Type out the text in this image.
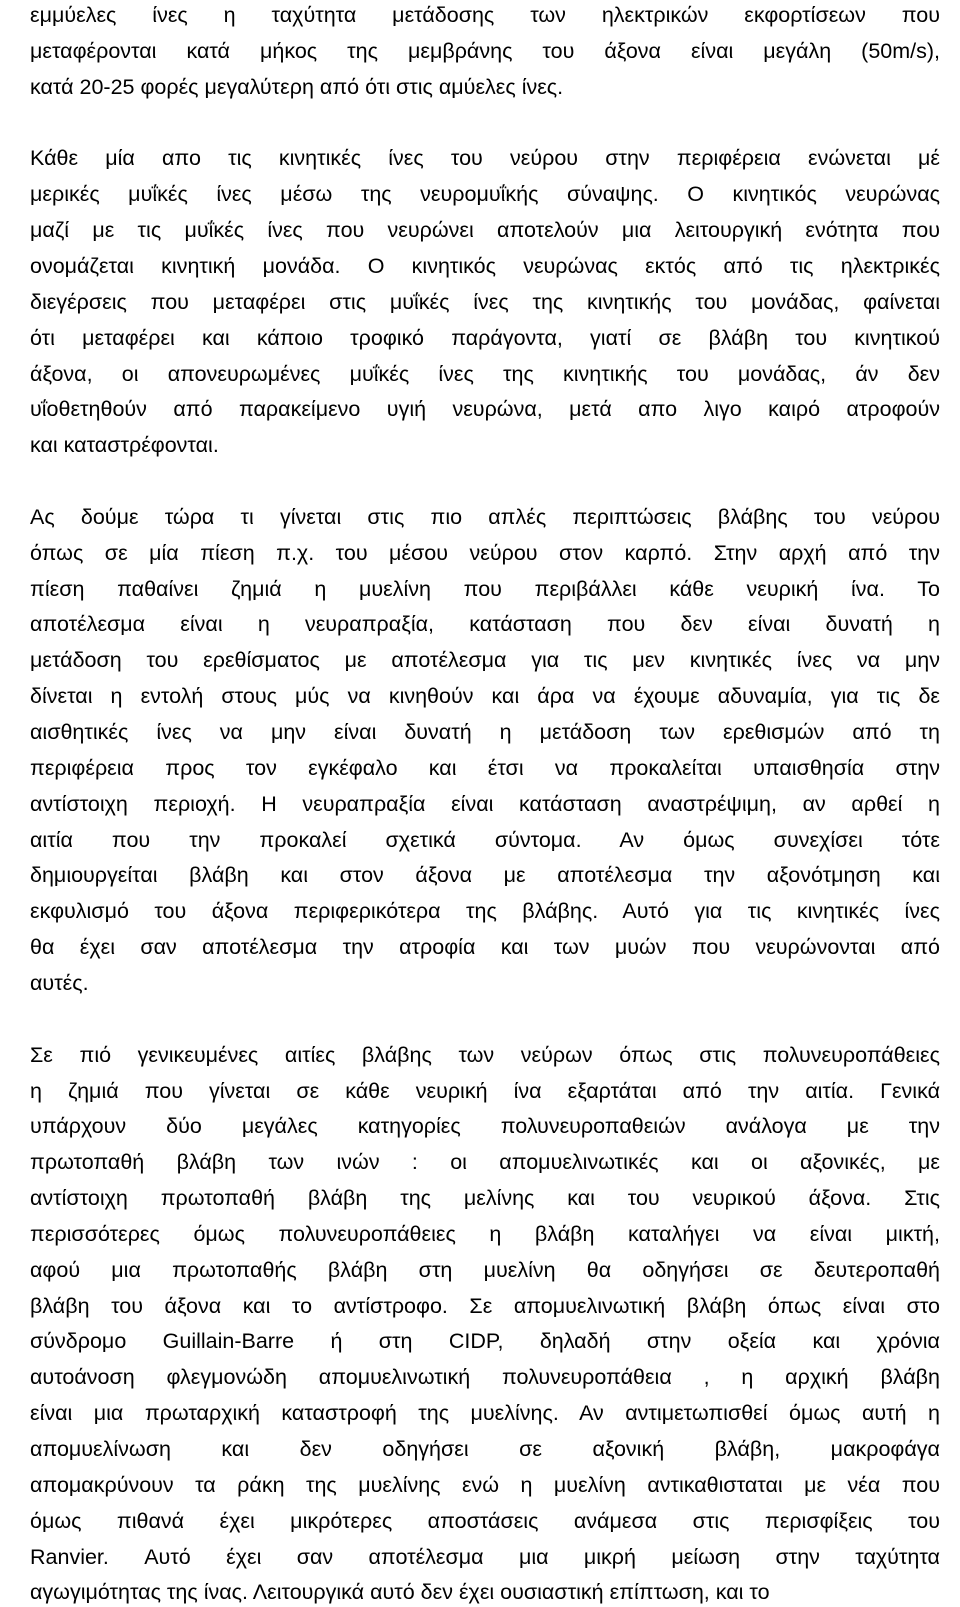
εμμύελες ίνες η ταχύτητα μετάδοσης των ηλεκτρικών εκφορτίσεων που
μεταφέρονται κατά μήκος της μεμβράνης του άξονα είναι μεγάλη (50m/s),
κατά 20-25 φορές μεγαλύτερη από ότι στις αμύελες ίνες.
Κάθε μία απο τις κινητικές ίνες του νεύρου στην περιφέρεια ενώνεται μέ
μερικές μυΐκές ίνες μέσω της νευρομυΐκής σύναψης. Ο κινητικός νευρώνας
μαζί με τις μυΐκές ίνες που νευρώνει αποτελούν μια λειτουργική ενότητα που
ονομάζεται κινητική μονάδα. Ο κινητικός νευρώνας εκτός από τις ηλεκτρικές
διεγέρσεις που μεταφέρει στις μυΐκές ίνες της κινητικής του μονάδας, φαίνεται
ότι μεταφέρει και κάποιο τροφικό παράγοντα, γιατί σε βλάβη του κινητικού
άξονα, οι απονευρωμένες μυΐκές ίνες της κινητικής του μονάδας, άν δεν
υΐοθετηθούν από παρακείμενο υγιή νευρώνα, μετά απο λιγο καιρό ατροφούν
και καταστρέφονται.
Ας δούμε τώρα τι γίνεται στις πιο απλές περιπτώσεις βλάβης του νεύρου
όπως σε μία πίεση π.χ. του μέσου νεύρου στον καρπό. Στην αρχή από την
πίεση παθαίνει ζημιά η μυελίνη που περιβάλλει κάθε νευρική ίνα. Το
αποτέλεσμα είναι η νευραπραξία, κατάσταση που δεν είναι δυνατή η
μετάδοση του ερεθίσματος με αποτέλεσμα για τις μεν κινητικές ίνες να μην
δίνεται η εντολή στους μύς να κινηθούν και άρα να έχουμε αδυναμία, για τις δε
αισθητικές ίνες να μην είναι δυνατή η μετάδοση των ερεθισμών από τη
περιφέρεια προς τον εγκέφαλο και έτσι να προκαλείται υπαισθησία στην
αντίστοιχη περιοχή. Η νευραπραξία είναι κατάσταση αναστρέψιμη, αν αρθεί η
αιτία που την προκαλεί σχετικά σύντομα. Αν όμως συνεχίσει τότε
δημιουργείται βλάβη και στον άξονα με αποτέλεσμα την αξονότμηση και
εκφυλισμό του άξονα περιφερικότερα της βλάβης. Αυτό για τις κινητικές ίνες
θα έχει σαν αποτέλεσμα την ατροφία και των μυών που νευρώνονται από
αυτές.
Σε πιό γενικευμένες αιτίες βλάβης των νεύρων όπως στις πολυνευροπάθειες
η ζημιά που γίνεται σε κάθε νευρική ίνα εξαρτάται από την αιτία. Γενικά
υπάρχουν δύο μεγάλες κατηγορίες πολυνευροπαθειών ανάλογα με την
πρωτοπαθή βλάβη των ινών : οι απομυελινωτικές και οι αξονικές, με
αντίστοιχη πρωτοπαθή βλάβη της μελίνης και του νευρικού άξονα. Στις
περισσότερες όμως πολυνευροπάθειες η βλάβη καταλήγει να είναι μικτή,
αφού μια πρωτοπαθής βλάβη στη μυελίνη θα οδηγήσει σε δευτεροπαθή
βλάβη του άξονα και το αντίστροφο. Σε απομυελινωτική βλάβη όπως είναι στο
σύνδρομο Guillain-Barre ή στη CIDP, δηλαδή στην οξεία και χρόνια
αυτοάνοση φλεγμονώδη απομυελινωτική πολυνευροπάθεια , η αρχική βλάβη
είναι μια πρωταρχική καταστροφή της μυελίνης. Αν αντιμετωπισθεί όμως αυτή η
απομυελίνωση και δεν οδηγήσει σε αξονική βλάβη, μακροφάγα
απομακρύνουν τα ράκη της μυελίνης ενώ η μυελίνη αντικαθισταται με νέα που
όμως πιθανά έχει μικρότερες αποστάσεις ανάμεσα στις περισφίξεις του
Ranvier. Αυτό έχει σαν αποτέλεσμα μια μικρή μείωση στην ταχύτητα
αγωγιμότητας της ίνας. Λειτουργικά αυτό δεν έχει ουσιαστική επίπτωση, και το
